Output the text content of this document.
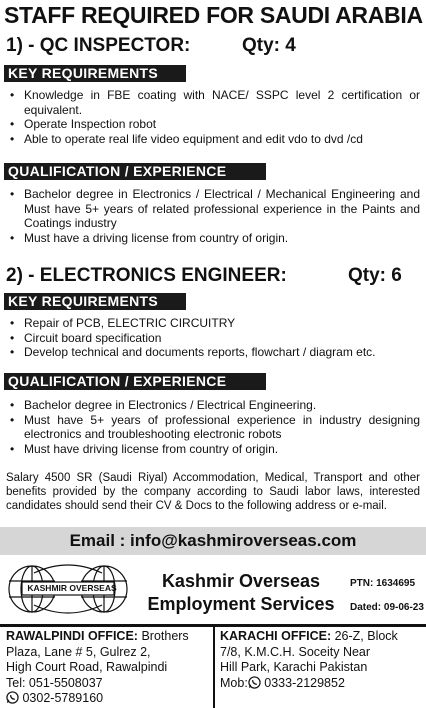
STAFF REQUIRED FOR SAUDI ARABIA
1) - QC INSPECTOR:	Qty: 4
KEY REQUIREMENTS
• Knowledge in FBE coating with NACE/ SSPC level 2 certification or equivalent.
• Operate Inspection robot
• Able to operate real life video equipment and edit vdo to dvd /cd
QUALIFICATION / EXPERIENCE
• Bachelor degree in Electronics / Electrical / Mechanical Engineering and Must have 5+ years of related professional experience in the Paints and Coatings industry
• Must have a driving license from country of origin.
2) - ELECTRONICS ENGINEER:	Qty: 6
KEY REQUIREMENTS
• Repair of PCB, ELECTRIC CIRCUITRY
• Circuit board specification
• Develop technical and documents reports, flowchart / diagram etc.
QUALIFICATION / EXPERIENCE
• Bachelor degree in Electronics / Electrical Engineering.
• Must have 5+ years of professional experience in industry designing electronics and troubleshooting electronic robots
• Must have driving license from country of origin.
Salary 4500 SR (Saudi Riyal) Accommodation, Medical, Transport and other benefits provided by the company according to Saudi labor laws, interested candidates should send their CV & Docs to the following address or e-mail.
Email : info@kashmiroverseas.com
KASHMIR OVERSEAS	Kashmir Overseas
Employment Services
PTN: 1634695
Dated: 09-06-23
RAWALPINDI OFFICE: Brothers
Plaza, Lane # 5, Gulrez 2,
High Court Road, Rawalpindi
Tel: 051-5508037
0302-5789160
KARACHI OFFICE: 26-Z, Block
7/8, K.M.C.H. Soceity Near
Hill Park, Karachi Pakistan
Mob: 0333-2129852
